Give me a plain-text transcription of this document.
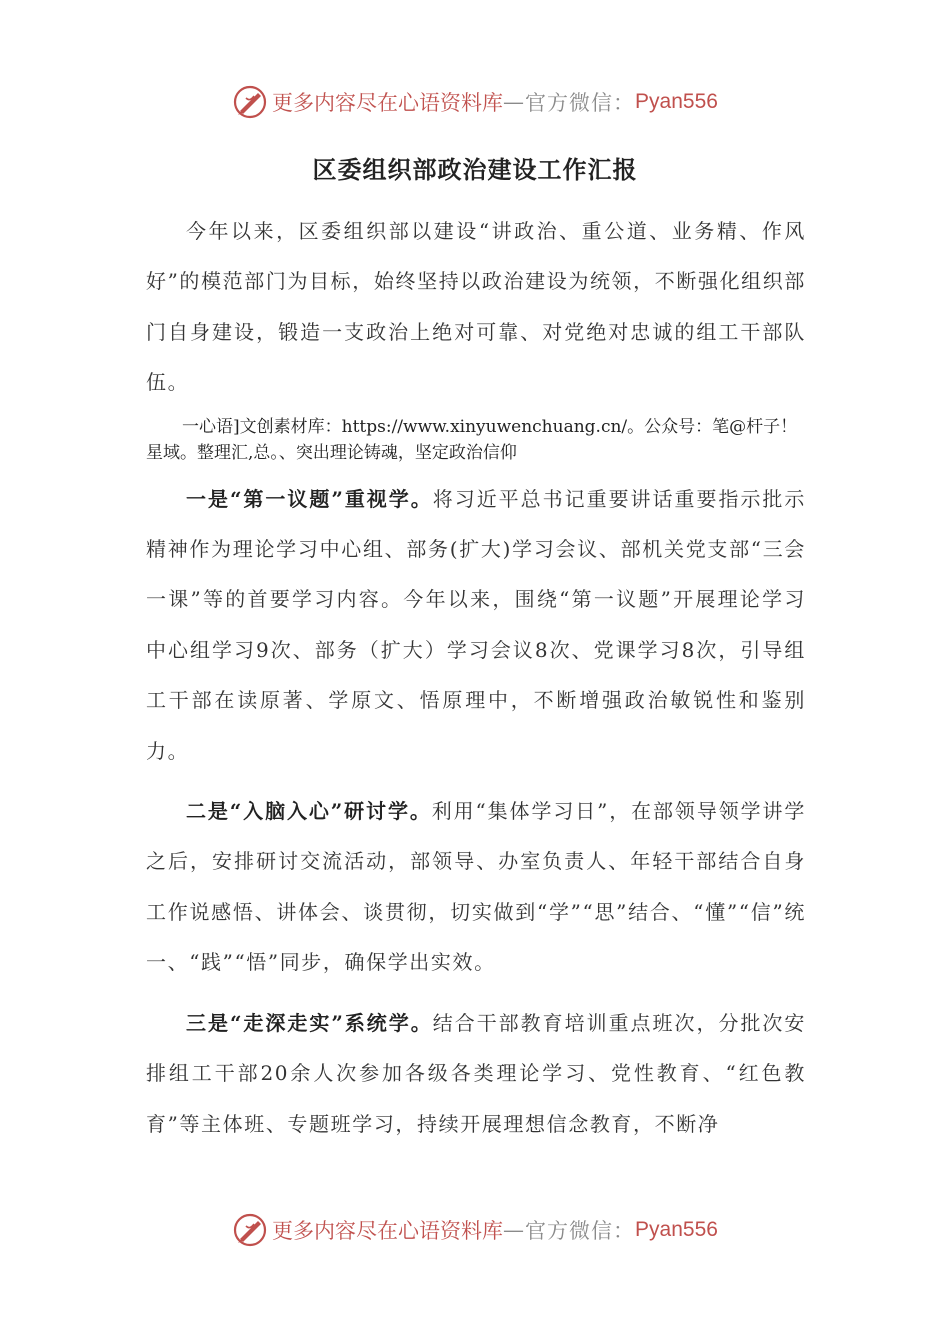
更多内容尽在心语资料库 — 官方微信： Pyan556
区委组织部政治建设工作汇报

今年以来，区委组织部以建设“讲政治、重公道、业务精、作风好”的模范部门为目标，始终坚持以政治建设为统领，不断强化组织部门自身建设，锻造一支政治上绝对可靠、对党绝对忠诚的组工干部队伍。

一心语]文创素材库：https://www.xinyuwenchuang.cn/。公众号：笔@杆子！星域。整理汇,总。、突出理论铸魂，坚定政治信仰

一是“第一议题”重视学。将习近平总书记重要讲话重要指示批示精神作为理论学习中心组、部务(扩大)学习会议、部机关党支部“三会一课”等的首要学习内容。今年以来，围绕“第一议题”开展理论学习中心组学习9次、部务（扩大）学习会议8次、党课学习8次，引导组工干部在读原著、学原文、悟原理中，不断增强政治敏锐性和鉴别力。

二是“入脑入心”研讨学。利用“集体学习日”，在部领导领学讲学之后，安排研讨交流活动，部领导、办室负责人、年轻干部结合自身工作说感悟、讲体会、谈贯彻，切实做到“学”“思”结合、“懂”“信”统一、“践”“悟”同步，确保学出实效。

三是“走深走实”系统学。结合干部教育培训重点班次，分批次安排组工干部20余人次参加各级各类理论学习、党性教育、“红色教育”等主体班、专题班学习，持续开展理想信念教育，不断净

更多内容尽在心语资料库 — 官方微信： Pyan556
